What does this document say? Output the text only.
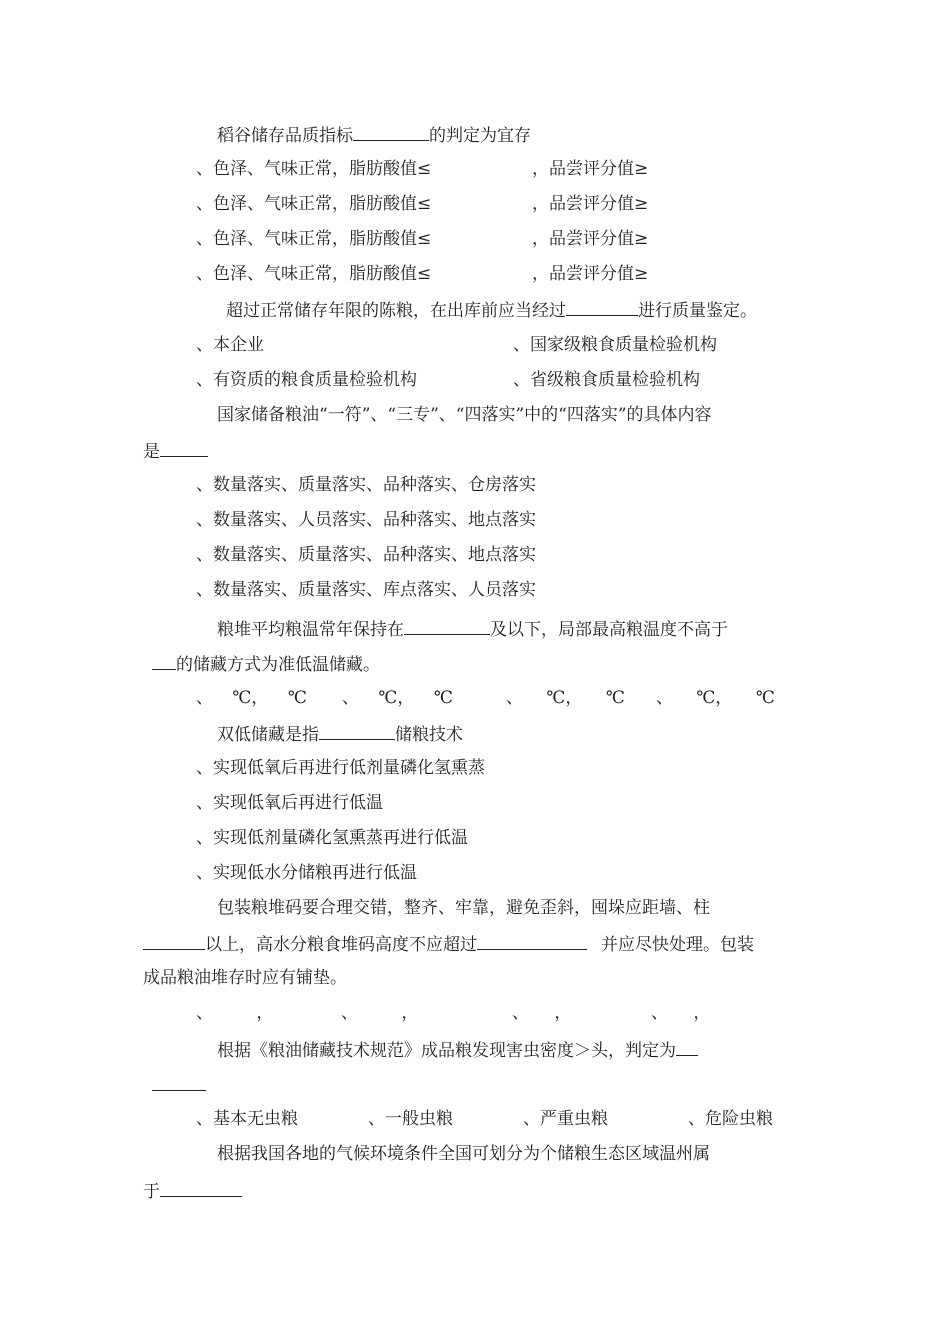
稻谷储存品质指标	的判定为宜存
、色泽、气味正常，脂肪酸值≤	，品尝评分值≥
、色泽、气味正常，脂肪酸值≤	，品尝评分值≥
、色泽、气味正常，脂肪酸值≤	，品尝评分值≥
、色泽、气味正常，脂肪酸值≤	，品尝评分值≥
超过正常储存年限的陈粮，在出库前应当经过	进行质量鉴定。
、本企业	、国家级粮食质量检验机构
、有资质的粮食质量检验机构	、省级粮食质量检验机构
国家储备粮油“一符”、“三专”、“四落实”中的“四落实”的具体内容
是
、数量落实、质量落实、品种落实、仓房落实
、数量落实、人员落实、品种落实、地点落实
、数量落实、质量落实、品种落实、地点落实
、数量落实、质量落实、库点落实、人员落实
粮堆平均粮温常年保持在	及以下，局部最高粮温度不高于
的储藏方式为准低温储藏。
、 ℃， ℃ 、 ℃， ℃	、 ℃， ℃ 、 ℃， ℃
双低储藏是指	储粮技术
、实现低氧后再进行低剂量磷化氢熏蒸
、实现低氧后再进行低温
、实现低剂量磷化氢熏蒸再进行低温
、实现低水分储粮再进行低温
包装粮堆码要合理交错，整齐、牢靠，避免歪斜，囤垛应距墙、柱
以上，高水分粮食堆码高度不应超过	并应尽快处理。包装
成品粮油堆存时应有铺垫。
、 ，	、 ，	、 ，	、 ，
根据《粮油储藏技术规范》成品粮发现害虫密度＞头，判定为
、基本无虫粮	、一般虫粮	、严重虫粮	、危险虫粮
根据我国各地的气候环境条件全国可划分为个储粮生态区域温州属
于
